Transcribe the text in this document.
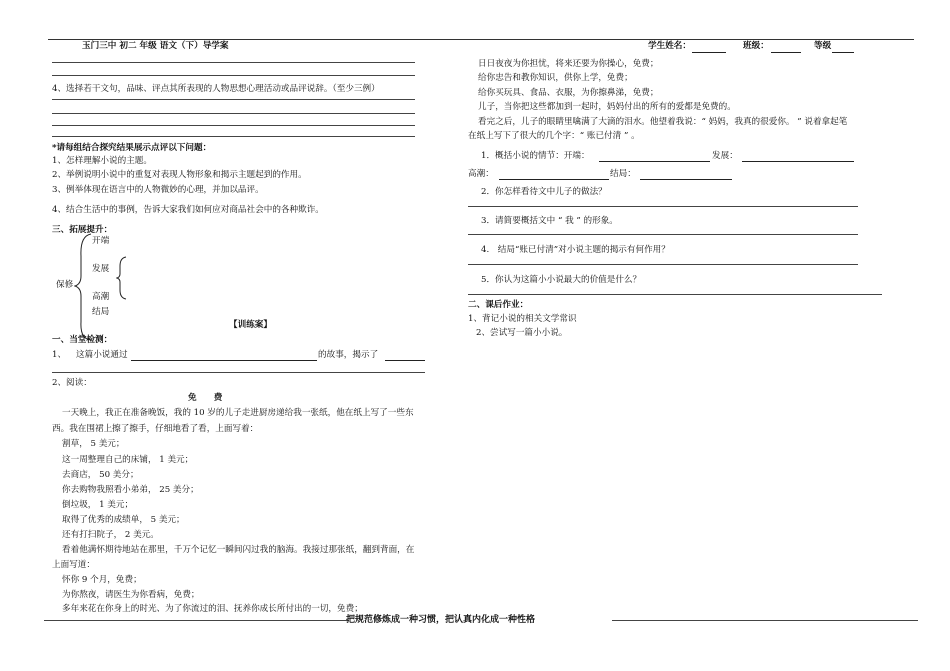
玉门三中 初二 年级 语文（下）导学案	学生姓名：	班级：	等级
4、选择若干文句，品味、评点其所表现的人物思想心理活动或品评说辞。（至少三例）
*请每组结合探究结果展示点评以下问题：
1、怎样理解小说的主题。
2、举例说明小说中的重复对表现人物形象和揭示主题起到的作用。
3、例举体现在语言中的人物微妙的心理，并加以品评。
4、结合生活中的事例，告诉大家我们如何应对商品社会中的各种欺诈。
三、拓展提升：
保修
开端
发展
高潮
结局
【训练案】
一、当堂检测：
1、 这篇小说通过	的故事，揭示了
2、阅读：
免　　费
一天晚上，我正在准备晚饭，我的 10 岁的儿子走进厨房递给我一张纸，他在纸上写了一些东
西。我在围裙上擦了擦手，仔细地看了看，上面写着：
割草， 5 美元；
这一周整理自己的床铺， 1 美元；
去商店， 50 美分；
你去购物我照看小弟弟， 25 美分；
倒垃圾， 1 美元；
取得了优秀的成绩单， 5 美元；
还有打扫院子， 2 美元。
看着他满怀期待地站在那里，千万个记忆一瞬间闪过我的脑海。我接过那张纸，翻到背面，在
上面写道：
怀你 9 个月，免费；
为你熬夜，请医生为你看病，免费；
多年来花在你身上的时光、为了你流过的泪、抚养你成长所付出的一切，免费；
日日夜夜为你担忧，将来还要为你操心，免费；
给你忠告和教你知识，供你上学，免费；
给你买玩具、食品、衣服，为你擦鼻涕，免费；
儿子，当你把这些都加到一起时，妈妈付出的所有的爱都是免费的。
看完之后，儿子的眼睛里噙满了大滴的泪水。他望着我说：“ 妈妈，我真的很爱你。 ” 说着拿起笔
在纸上写下了很大的几个字：“ 账已付清 ” 。
1．概括小说的情节：开端：	发展：
高潮：	结局：
2．你怎样看待文中儿子的做法？
3．请简要概括文中 “ 我 ” 的形象。
4.　结局“账已付清”对小说主题的揭示有何作用？
5．你认为这篇小小说最大的价值是什么？
二、课后作业：
1、背记小说的相关文学常识
2、尝试写一篇小小说。
把规范修炼成一种习惯，把认真内化成一种性格
